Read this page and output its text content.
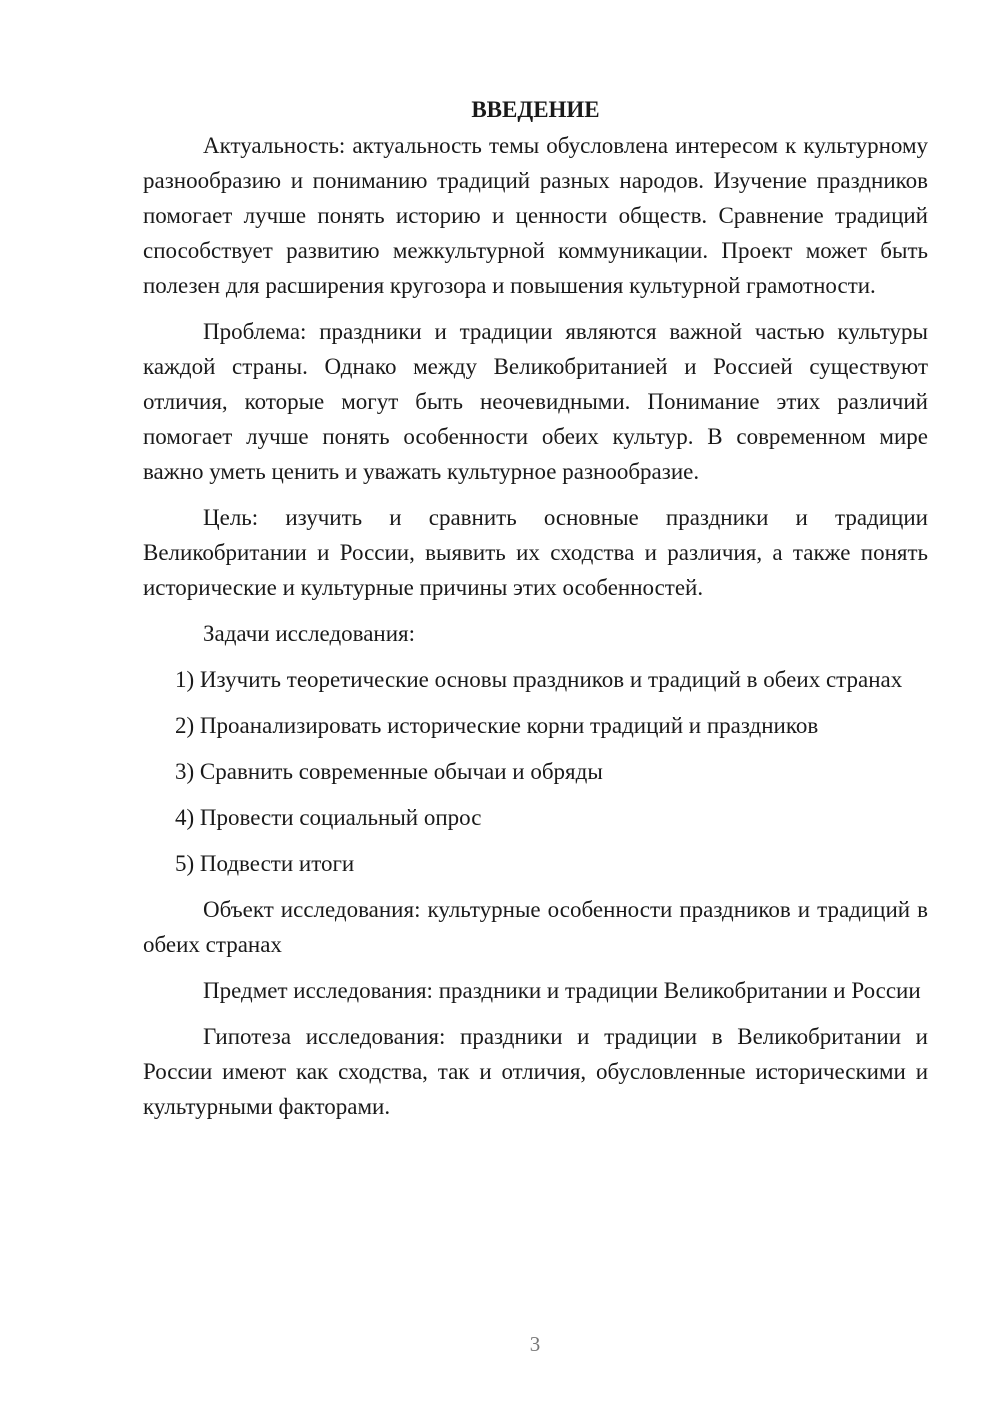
ВВЕДЕНИЕ

Актуальность: актуальность темы обусловлена интересом к культурному разнообразию и пониманию традиций разных народов. Изучение праздников помогает лучше понять историю и ценности обществ. Сравнение традиций способствует развитию межкультурной коммуникации. Проект может быть полезен для расширения кругозора и повышения культурной грамотности.

Проблема: праздники и традиции являются важной частью культуры каждой страны. Однако между Великобританией и Россией существуют отличия, которые могут быть неочевидными. Понимание этих различий помогает лучше понять особенности обеих культур. В современном мире важно уметь ценить и уважать культурное разнообразие.

Цель: изучить и сравнить основные праздники и традиции Великобритании и России, выявить их сходства и различия, а также понять исторические и культурные причины этих особенностей.

Задачи исследования:

1) Изучить теоретические основы праздников и традиций в обеих странах

2) Проанализировать исторические корни традиций и праздников

3) Сравнить современные обычаи и обряды

4) Провести социальный опрос

5) Подвести итоги

Объект исследования: культурные особенности праздников и традиций в обеих странах

Предмет исследования: праздники и традиции Великобритании и России

Гипотеза исследования: праздники и традиции в Великобритании и России имеют как сходства, так и отличия, обусловленные историческими и культурными факторами.

3
